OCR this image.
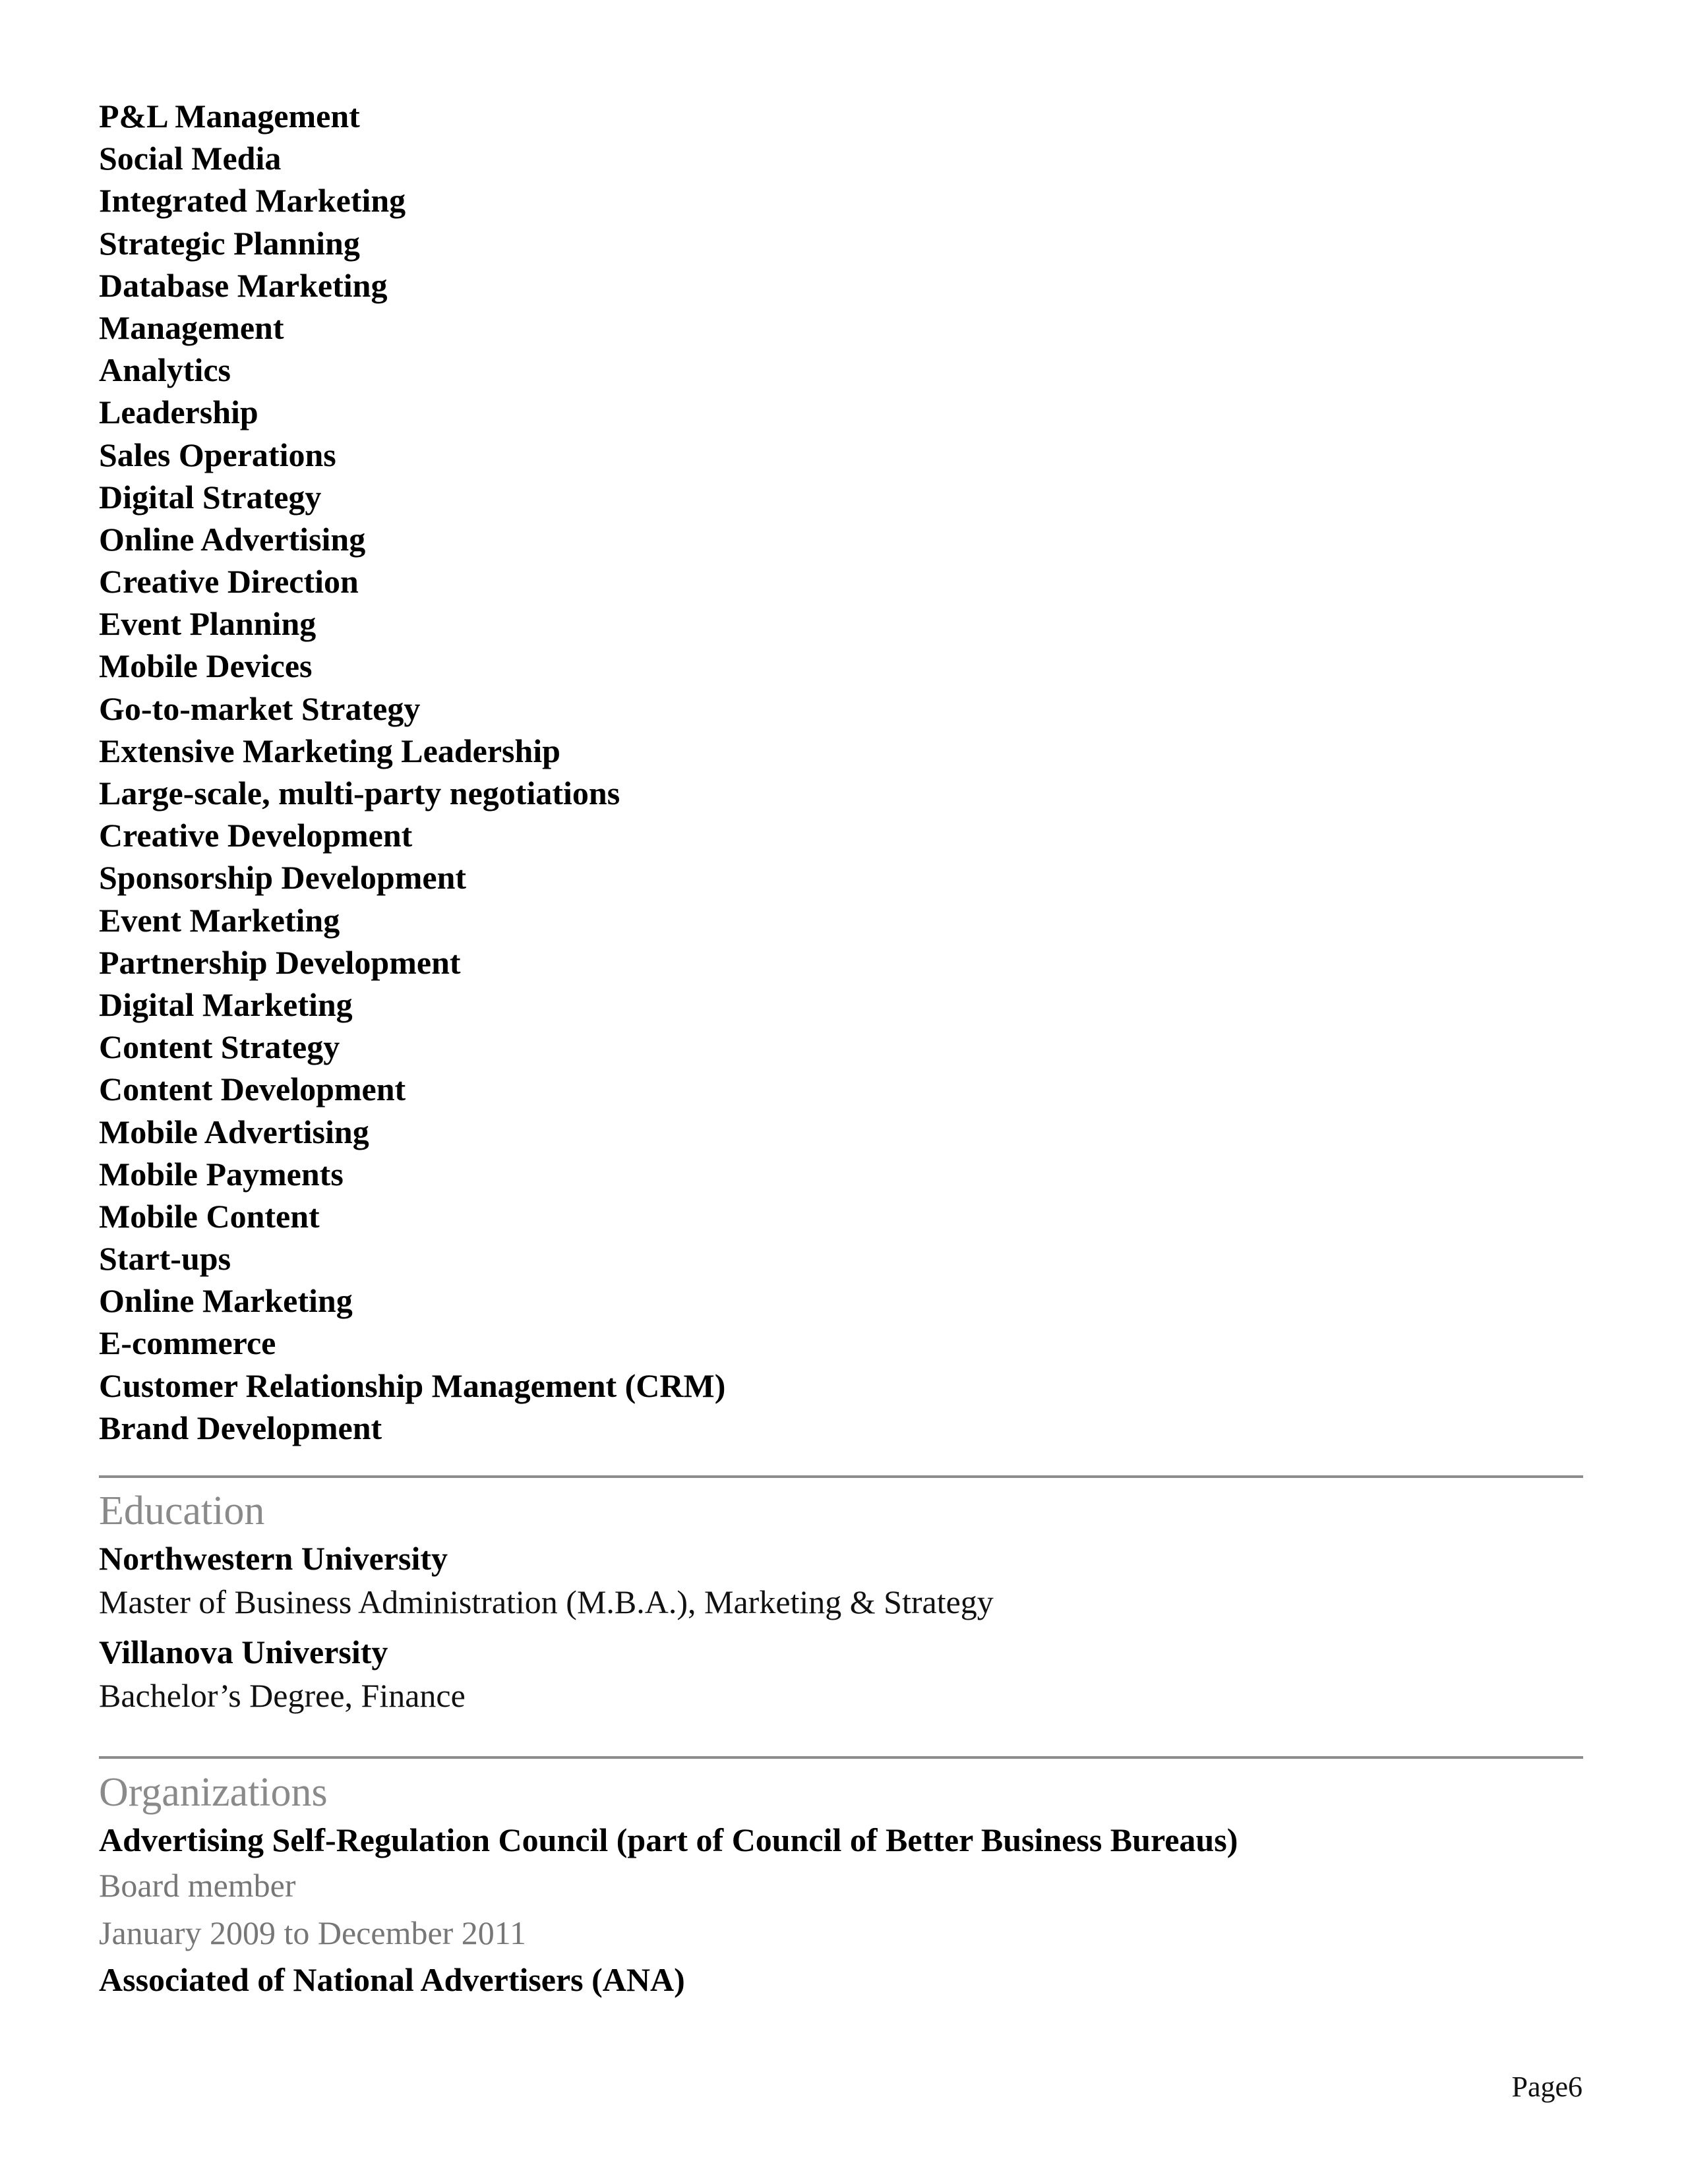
P&L Management
Social Media
Integrated Marketing
Strategic Planning
Database Marketing
Management
Analytics
Leadership
Sales Operations
Digital Strategy
Online Advertising
Creative Direction
Event Planning
Mobile Devices
Go-to-market Strategy
Extensive Marketing Leadership
Large-scale, multi-party negotiations
Creative Development
Sponsorship Development
Event Marketing
Partnership Development
Digital Marketing
Content Strategy
Content Development
Mobile Advertising
Mobile Payments
Mobile Content
Start-ups
Online Marketing
E-commerce
Customer Relationship Management (CRM)
Brand Development
Education
Northwestern University
Master of Business Administration (M.B.A.), Marketing & Strategy
Villanova University
Bachelor’s Degree, Finance
Organizations
Advertising Self-Regulation Council (part of Council of Better Business Bureaus)
Board member
January 2009 to December 2011
Associated of National Advertisers (ANA)
Page6
